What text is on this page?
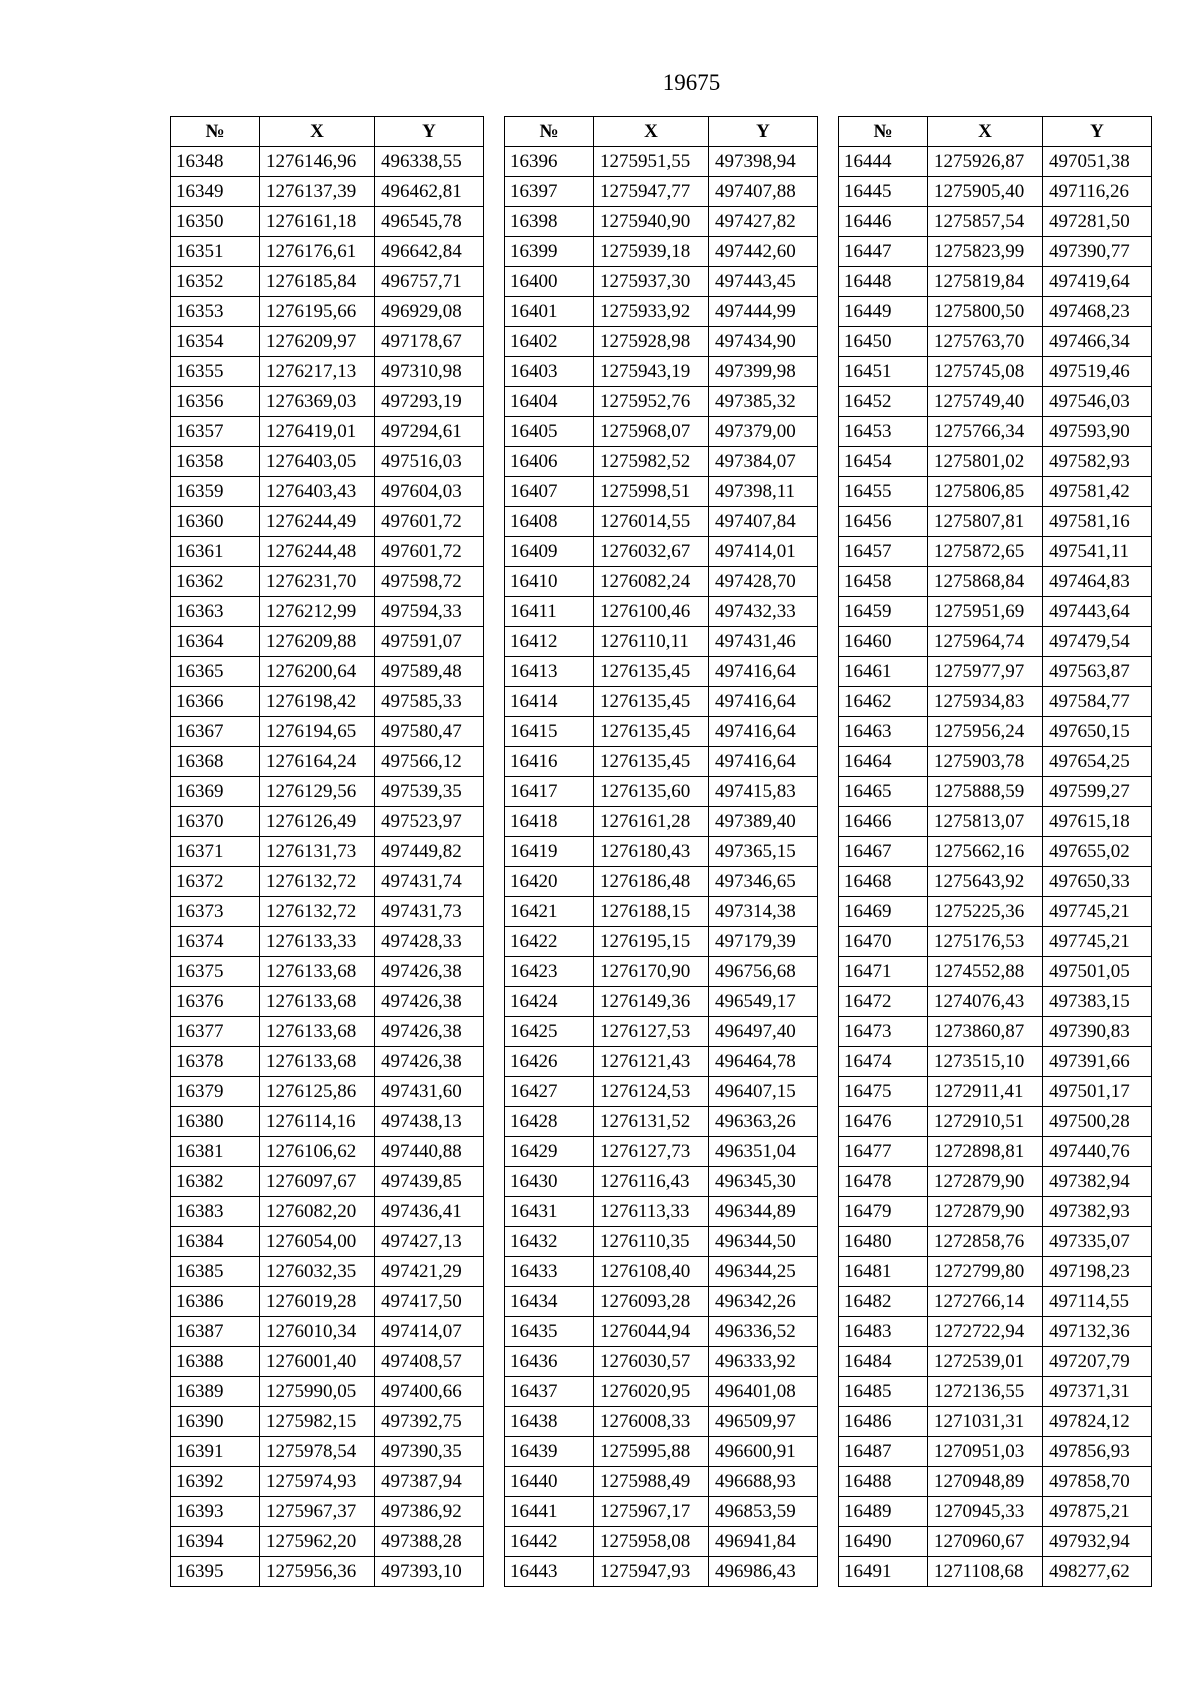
19675
№	X	Y
16348	1276146,96	496338,55
16349	1276137,39	496462,81
16350	1276161,18	496545,78
16351	1276176,61	496642,84
16352	1276185,84	496757,71
16353	1276195,66	496929,08
16354	1276209,97	497178,67
16355	1276217,13	497310,98
16356	1276369,03	497293,19
16357	1276419,01	497294,61
16358	1276403,05	497516,03
16359	1276403,43	497604,03
16360	1276244,49	497601,72
16361	1276244,48	497601,72
16362	1276231,70	497598,72
16363	1276212,99	497594,33
16364	1276209,88	497591,07
16365	1276200,64	497589,48
16366	1276198,42	497585,33
16367	1276194,65	497580,47
16368	1276164,24	497566,12
16369	1276129,56	497539,35
16370	1276126,49	497523,97
16371	1276131,73	497449,82
16372	1276132,72	497431,74
16373	1276132,72	497431,73
16374	1276133,33	497428,33
16375	1276133,68	497426,38
16376	1276133,68	497426,38
16377	1276133,68	497426,38
16378	1276133,68	497426,38
16379	1276125,86	497431,60
16380	1276114,16	497438,13
16381	1276106,62	497440,88
16382	1276097,67	497439,85
16383	1276082,20	497436,41
16384	1276054,00	497427,13
16385	1276032,35	497421,29
16386	1276019,28	497417,50
16387	1276010,34	497414,07
16388	1276001,40	497408,57
16389	1275990,05	497400,66
16390	1275982,15	497392,75
16391	1275978,54	497390,35
16392	1275974,93	497387,94
16393	1275967,37	497386,92
16394	1275962,20	497388,28
16395	1275956,36	497393,10
№	X	Y
16396	1275951,55	497398,94
16397	1275947,77	497407,88
16398	1275940,90	497427,82
16399	1275939,18	497442,60
16400	1275937,30	497443,45
16401	1275933,92	497444,99
16402	1275928,98	497434,90
16403	1275943,19	497399,98
16404	1275952,76	497385,32
16405	1275968,07	497379,00
16406	1275982,52	497384,07
16407	1275998,51	497398,11
16408	1276014,55	497407,84
16409	1276032,67	497414,01
16410	1276082,24	497428,70
16411	1276100,46	497432,33
16412	1276110,11	497431,46
16413	1276135,45	497416,64
16414	1276135,45	497416,64
16415	1276135,45	497416,64
16416	1276135,45	497416,64
16417	1276135,60	497415,83
16418	1276161,28	497389,40
16419	1276180,43	497365,15
16420	1276186,48	497346,65
16421	1276188,15	497314,38
16422	1276195,15	497179,39
16423	1276170,90	496756,68
16424	1276149,36	496549,17
16425	1276127,53	496497,40
16426	1276121,43	496464,78
16427	1276124,53	496407,15
16428	1276131,52	496363,26
16429	1276127,73	496351,04
16430	1276116,43	496345,30
16431	1276113,33	496344,89
16432	1276110,35	496344,50
16433	1276108,40	496344,25
16434	1276093,28	496342,26
16435	1276044,94	496336,52
16436	1276030,57	496333,92
16437	1276020,95	496401,08
16438	1276008,33	496509,97
16439	1275995,88	496600,91
16440	1275988,49	496688,93
16441	1275967,17	496853,59
16442	1275958,08	496941,84
16443	1275947,93	496986,43
№	X	Y
16444	1275926,87	497051,38
16445	1275905,40	497116,26
16446	1275857,54	497281,50
16447	1275823,99	497390,77
16448	1275819,84	497419,64
16449	1275800,50	497468,23
16450	1275763,70	497466,34
16451	1275745,08	497519,46
16452	1275749,40	497546,03
16453	1275766,34	497593,90
16454	1275801,02	497582,93
16455	1275806,85	497581,42
16456	1275807,81	497581,16
16457	1275872,65	497541,11
16458	1275868,84	497464,83
16459	1275951,69	497443,64
16460	1275964,74	497479,54
16461	1275977,97	497563,87
16462	1275934,83	497584,77
16463	1275956,24	497650,15
16464	1275903,78	497654,25
16465	1275888,59	497599,27
16466	1275813,07	497615,18
16467	1275662,16	497655,02
16468	1275643,92	497650,33
16469	1275225,36	497745,21
16470	1275176,53	497745,21
16471	1274552,88	497501,05
16472	1274076,43	497383,15
16473	1273860,87	497390,83
16474	1273515,10	497391,66
16475	1272911,41	497501,17
16476	1272910,51	497500,28
16477	1272898,81	497440,76
16478	1272879,90	497382,94
16479	1272879,90	497382,93
16480	1272858,76	497335,07
16481	1272799,80	497198,23
16482	1272766,14	497114,55
16483	1272722,94	497132,36
16484	1272539,01	497207,79
16485	1272136,55	497371,31
16486	1271031,31	497824,12
16487	1270951,03	497856,93
16488	1270948,89	497858,70
16489	1270945,33	497875,21
16490	1270960,67	497932,94
16491	1271108,68	498277,62
